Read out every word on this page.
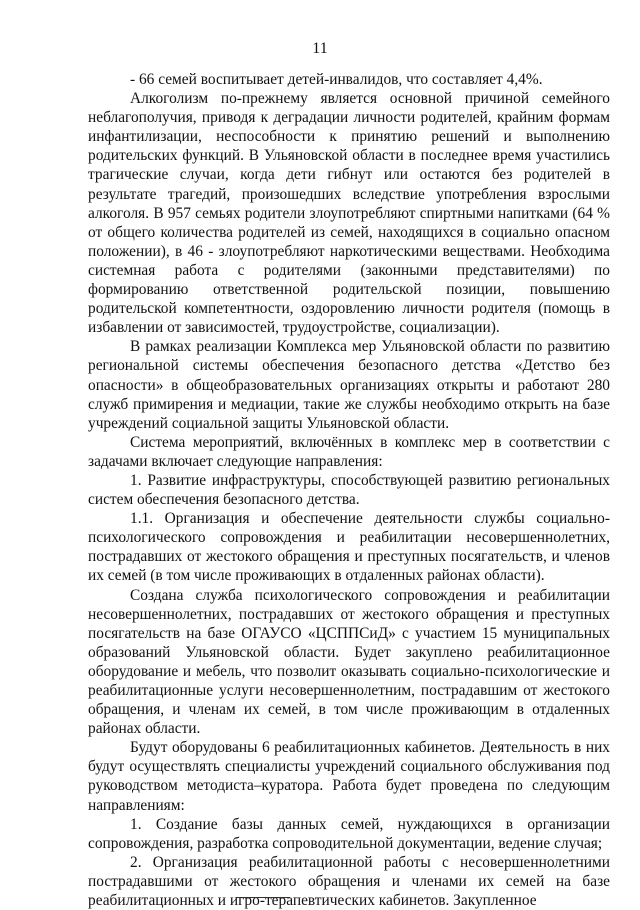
11

- 66 семей воспитывает детей-инвалидов, что составляет 4,4%.

Алкоголизм по-прежнему является основной причиной семейного неблагополучия, приводя к деградации личности родителей, крайним формам инфантилизации, неспособности к принятию решений и выполнению родительских функций. В Ульяновской области в последнее время участились трагические случаи, когда дети гибнут или остаются без родителей в результате трагедий, произошедших вследствие употребления взрослыми алкоголя. В 957 семьях родители злоупотребляют спиртными напитками (64 % от общего количества родителей из семей, находящихся в социально опасном положении), в 46 - злоупотребляют наркотическими веществами. Необходима системная работа с родителями (законными представителями) по формированию ответственной родительской позиции, повышению родительской компетентности, оздоровлению личности родителя (помощь в избавлении от зависимостей, трудоустройстве, социализации).

В рамках реализации Комплекса мер Ульяновской области по развитию региональной системы обеспечения безопасного детства «Детство без опасности» в общеобразовательных организациях открыты и работают 280 служб примирения и медиации, такие же службы необходимо открыть на базе учреждений социальной защиты Ульяновской области.

Система мероприятий, включённых в комплекс мер в соответствии с задачами включает следующие направления:

1. Развитие инфраструктуры, способствующей развитию региональных систем обеспечения безопасного детства.

1.1. Организация и обеспечение деятельности службы социально-психологического сопровождения и реабилитации несовершеннолетних, пострадавших от жестокого обращения и преступных посягательств, и членов их семей (в том числе проживающих в отдаленных районах области).

Создана служба психологического сопровождения и реабилитации несовершеннолетних, пострадавших от жестокого обращения и преступных посягательств на базе ОГАУСО «ЦСППСиД» с участием 15 муниципальных образований Ульяновской области. Будет закуплено реабилитационное оборудование и мебель, что позволит оказывать социально-психологические и реабилитационные услуги несовершеннолетним, пострадавшим от жестокого обращения, и членам их семей, в том числе проживающим в отдаленных районах области.

Будут оборудованы 6 реабилитационных кабинетов. Деятельность в них будут осуществлять специалисты учреждений социального обслуживания под руководством методиста–куратора. Работа будет проведена по следующим направлениям:

1. Создание базы данных семей, нуждающихся в организации сопровождения, разработка сопроводительной документации, ведение случая;

2. Организация реабилитационной работы с несовершеннолетними пострадавшими от жестокого обращения и членами их семей на базе реабилитационных и игро-терапевтических кабинетов. Закупленное
